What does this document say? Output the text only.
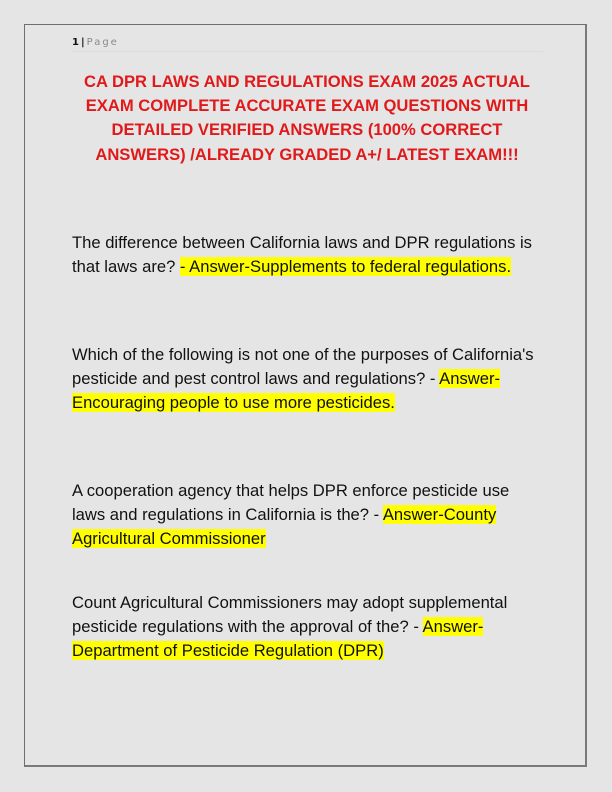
1 | Page
CA DPR LAWS AND REGULATIONS EXAM 2025 ACTUAL EXAM COMPLETE ACCURATE EXAM QUESTIONS WITH DETAILED VERIFIED ANSWERS (100% CORRECT ANSWERS) /ALREADY GRADED A+/ LATEST EXAM!!!
The difference between California laws and DPR regulations is that laws are? - Answer-Supplements to federal regulations.
Which of the following is not one of the purposes of California's pesticide and pest control laws and regulations? - Answer-Encouraging people to use more pesticides.
A cooperation agency that helps DPR enforce pesticide use laws and regulations in California is the? - Answer-County Agricultural Commissioner
Count Agricultural Commissioners may adopt supplemental pesticide regulations with the approval of the? - Answer-Department of Pesticide Regulation (DPR)
